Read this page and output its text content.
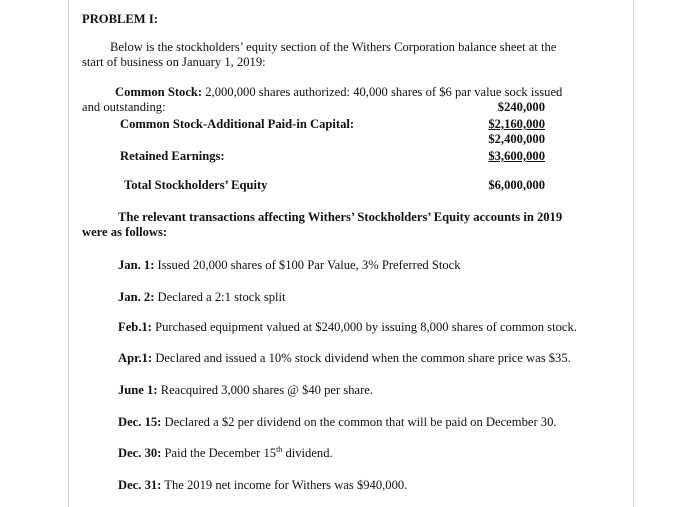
PROBLEM I:
Below is the stockholders’ equity section of the Withers Corporation balance sheet at the
start of business on January 1, 2019:
Common Stock: 2,000,000 shares authorized: 40,000 shares of $6 par value sock issued
and outstanding:	$240,000
Common Stock-Additional Paid-in Capital:	$2,160,000
$2,400,000
Retained Earnings:	$3,600,000
Total Stockholders’ Equity	$6,000,000
The relevant transactions affecting Withers’ Stockholders’ Equity accounts in 2019
were as follows:
Jan. 1: Issued 20,000 shares of $100 Par Value, 3% Preferred Stock
Jan. 2: Declared a 2:1 stock split
Feb.1: Purchased equipment valued at $240,000 by issuing 8,000 shares of common stock.
Apr.1: Declared and issued a 10% stock dividend when the common share price was $35.
June 1: Reacquired 3,000 shares @ $40 per share.
Dec. 15: Declared a $2 per dividend on the common that will be paid on December 30.
Dec. 30: Paid the December 15th dividend.
Dec. 31: The 2019 net income for Withers was $940,000.
